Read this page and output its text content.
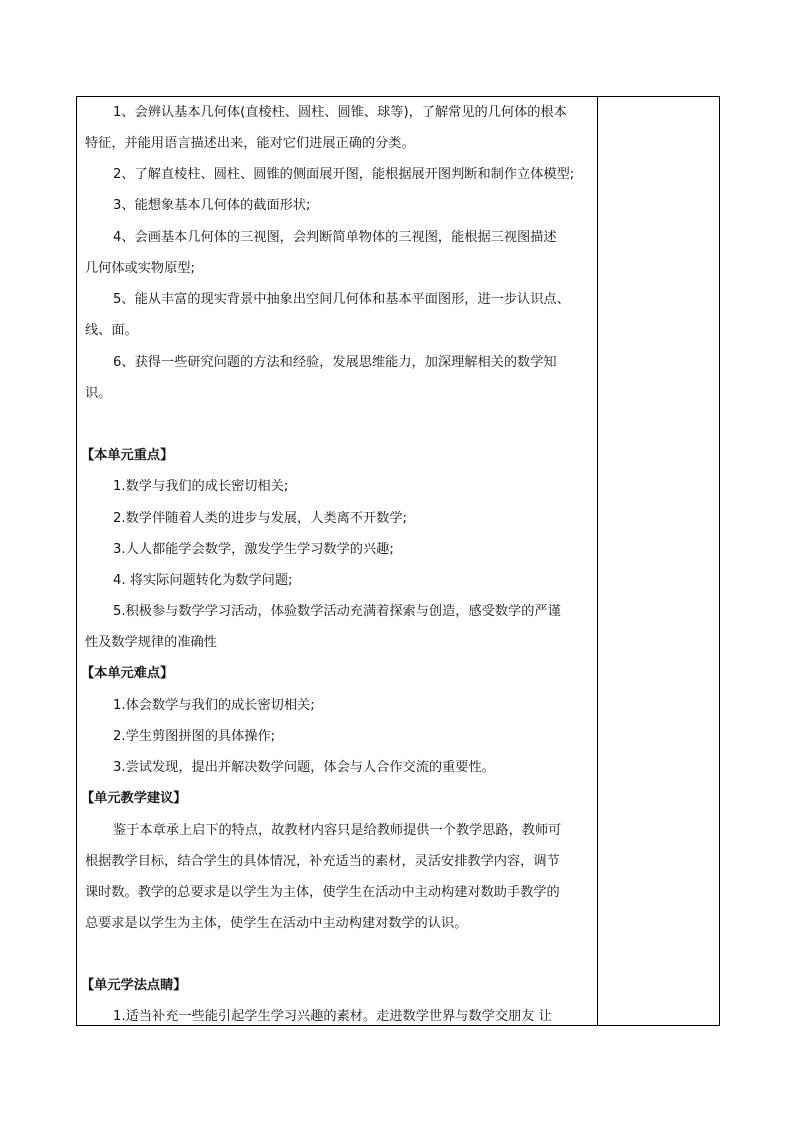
1、会辨认基本几何体(直棱柱、圆柱、圆锥、球等)，了解常见的几何体的根本
特征，并能用语言描述出来，能对它们进展正确的分类。
2、了解直棱柱、圆柱、圆锥的侧面展开图，能根据展开图判断和制作立体模型;
3、能想象基本几何体的截面形状;
4、会画基本几何体的三视图，会判断简单物体的三视图，能根据三视图描述
几何体或实物原型;
5、能从丰富的现实背景中抽象出空间几何体和基本平面图形，进一步认识点、
线、面。
6、获得一些研究问题的方法和经验，发展思维能力，加深理解相关的数学知
识。
【本单元重点】
1.数学与我们的成长密切相关;
2.数学伴随着人类的进步与发展，人类离不开数学;
3.人人都能学会数学，激发学生学习数学的兴趣;
4. 将实际问题转化为数学问题;
5.积极参与数学学习活动，体验数学活动充满着探索与创造，感受数学的严谨
性及数学规律的准确性
【本单元难点】
1.体会数学与我们的成长密切相关;
2.学生剪图拼图的具体操作;
3.尝试发现，提出并解决数学问题，体会与人合作交流的重要性。
【单元教学建议】
鉴于本章承上启下的特点，故教材内容只是给教师提供一个教学思路，教师可
根据教学目标，结合学生的具体情况，补充适当的素材，灵活安排教学内容，调节
课时数。教学的总要求是以学生为主体，使学生在活动中主动构建对数助手教学的
总要求是以学生为主体，使学生在活动中主动构建对数学的认识。
【单元学法点睛】
1.适当补充一些能引起学生学习兴趣的素材。走进数学世界与数学交朋友 让
